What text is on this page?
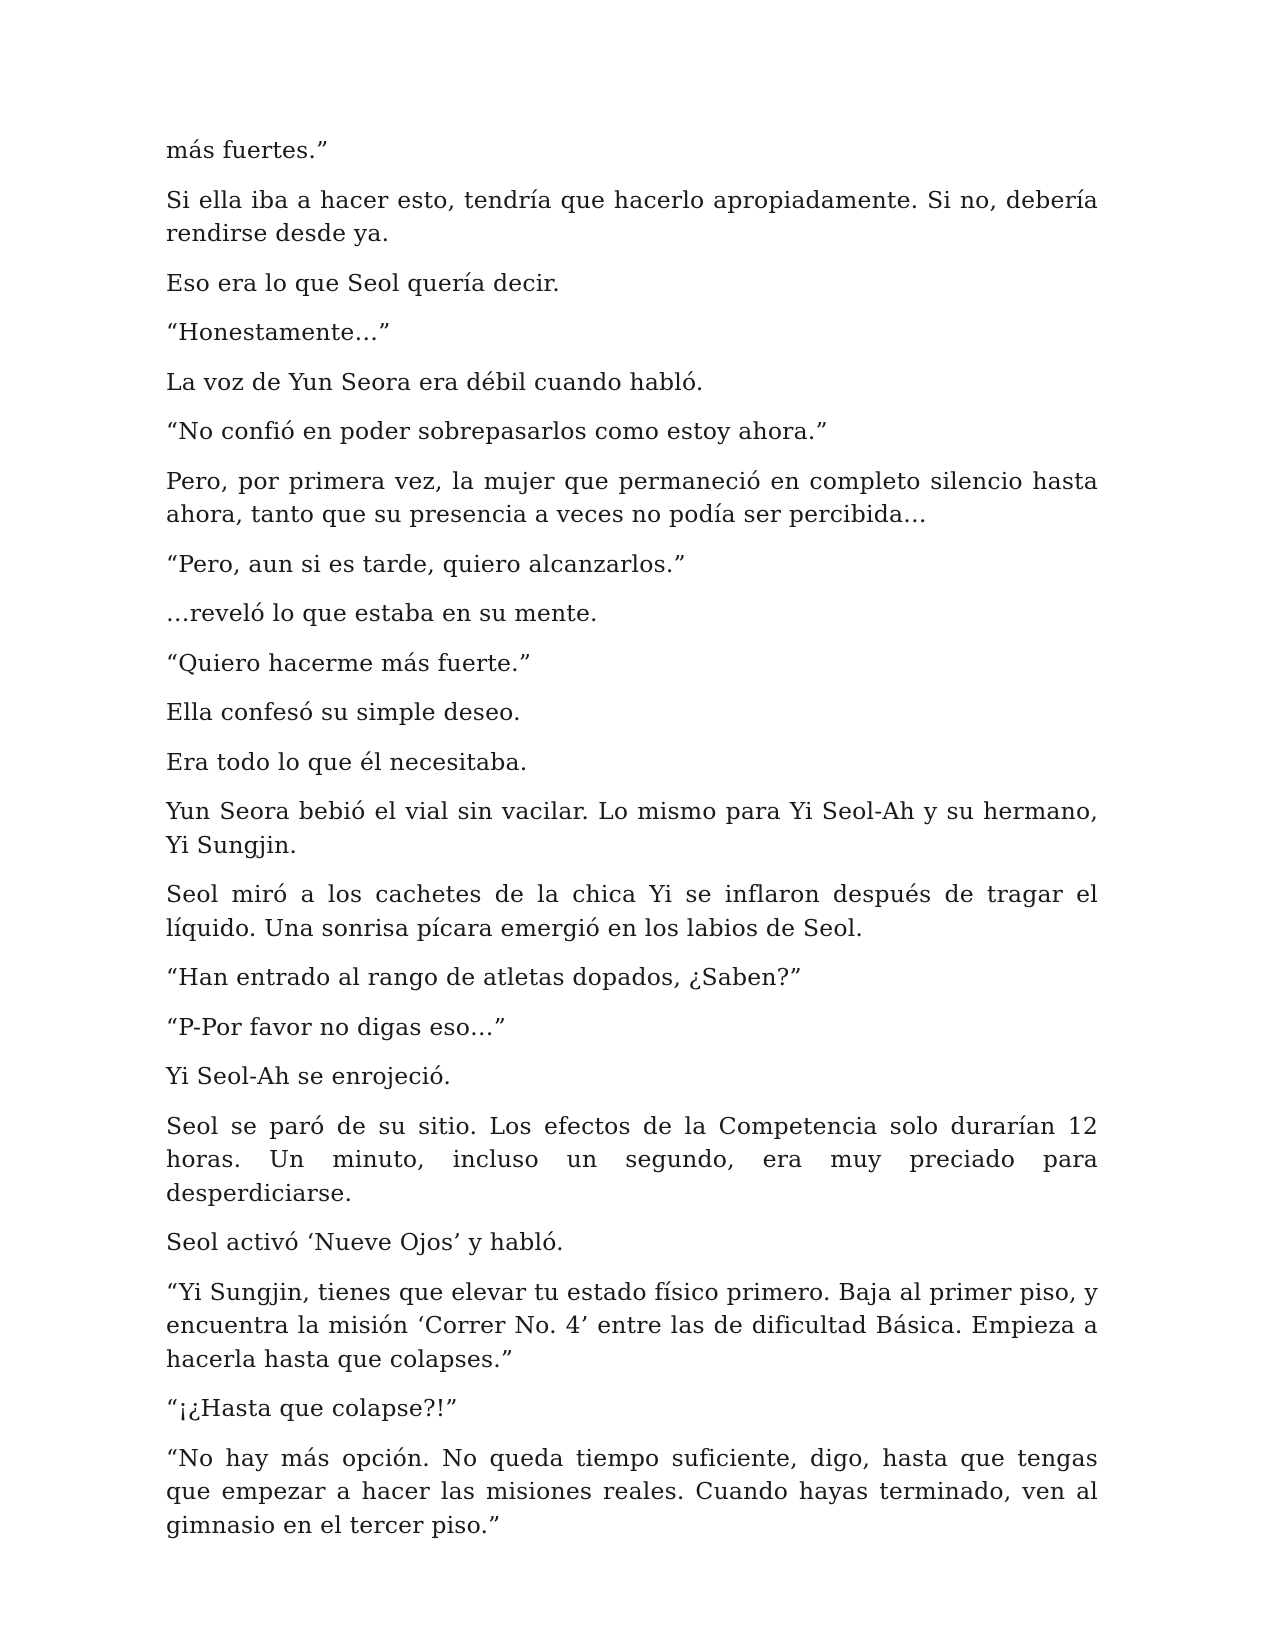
más fuertes.”

Si ella iba a hacer esto, tendría que hacerlo apropiadamente. Si no, debería rendirse desde ya.

Eso era lo que Seol quería decir.

“Honestamente…”

La voz de Yun Seora era débil cuando habló.

“No confió en poder sobrepasarlos como estoy ahora.”

Pero, por primera vez, la mujer que permaneció en completo silencio hasta ahora, tanto que su presencia a veces no podía ser percibida…

“Pero, aun si es tarde, quiero alcanzarlos.”

…reveló lo que estaba en su mente.

“Quiero hacerme más fuerte.”

Ella confesó su simple deseo.

Era todo lo que él necesitaba.

Yun Seora bebió el vial sin vacilar. Lo mismo para Yi Seol-Ah y su hermano, Yi Sungjin.

Seol miró a los cachetes de la chica Yi se inflaron después de tragar el líquido. Una sonrisa pícara emergió en los labios de Seol.

“Han entrado al rango de atletas dopados, ¿Saben?”

“P-Por favor no digas eso…”

Yi Seol-Ah se enrojeció.

Seol se paró de su sitio. Los efectos de la Competencia solo durarían 12 horas. Un minuto, incluso un segundo, era muy preciado para desperdiciarse.

Seol activó ‘Nueve Ojos’ y habló.

“Yi Sungjin, tienes que elevar tu estado físico primero. Baja al primer piso, y encuentra la misión ‘Correr No. 4’ entre las de dificultad Básica. Empieza a hacerla hasta que colapses.”

“¡¿Hasta que colapse?!”

“No hay más opción. No queda tiempo suficiente, digo, hasta que tengas que empezar a hacer las misiones reales. Cuando hayas terminado, ven al gimnasio en el tercer piso.”
